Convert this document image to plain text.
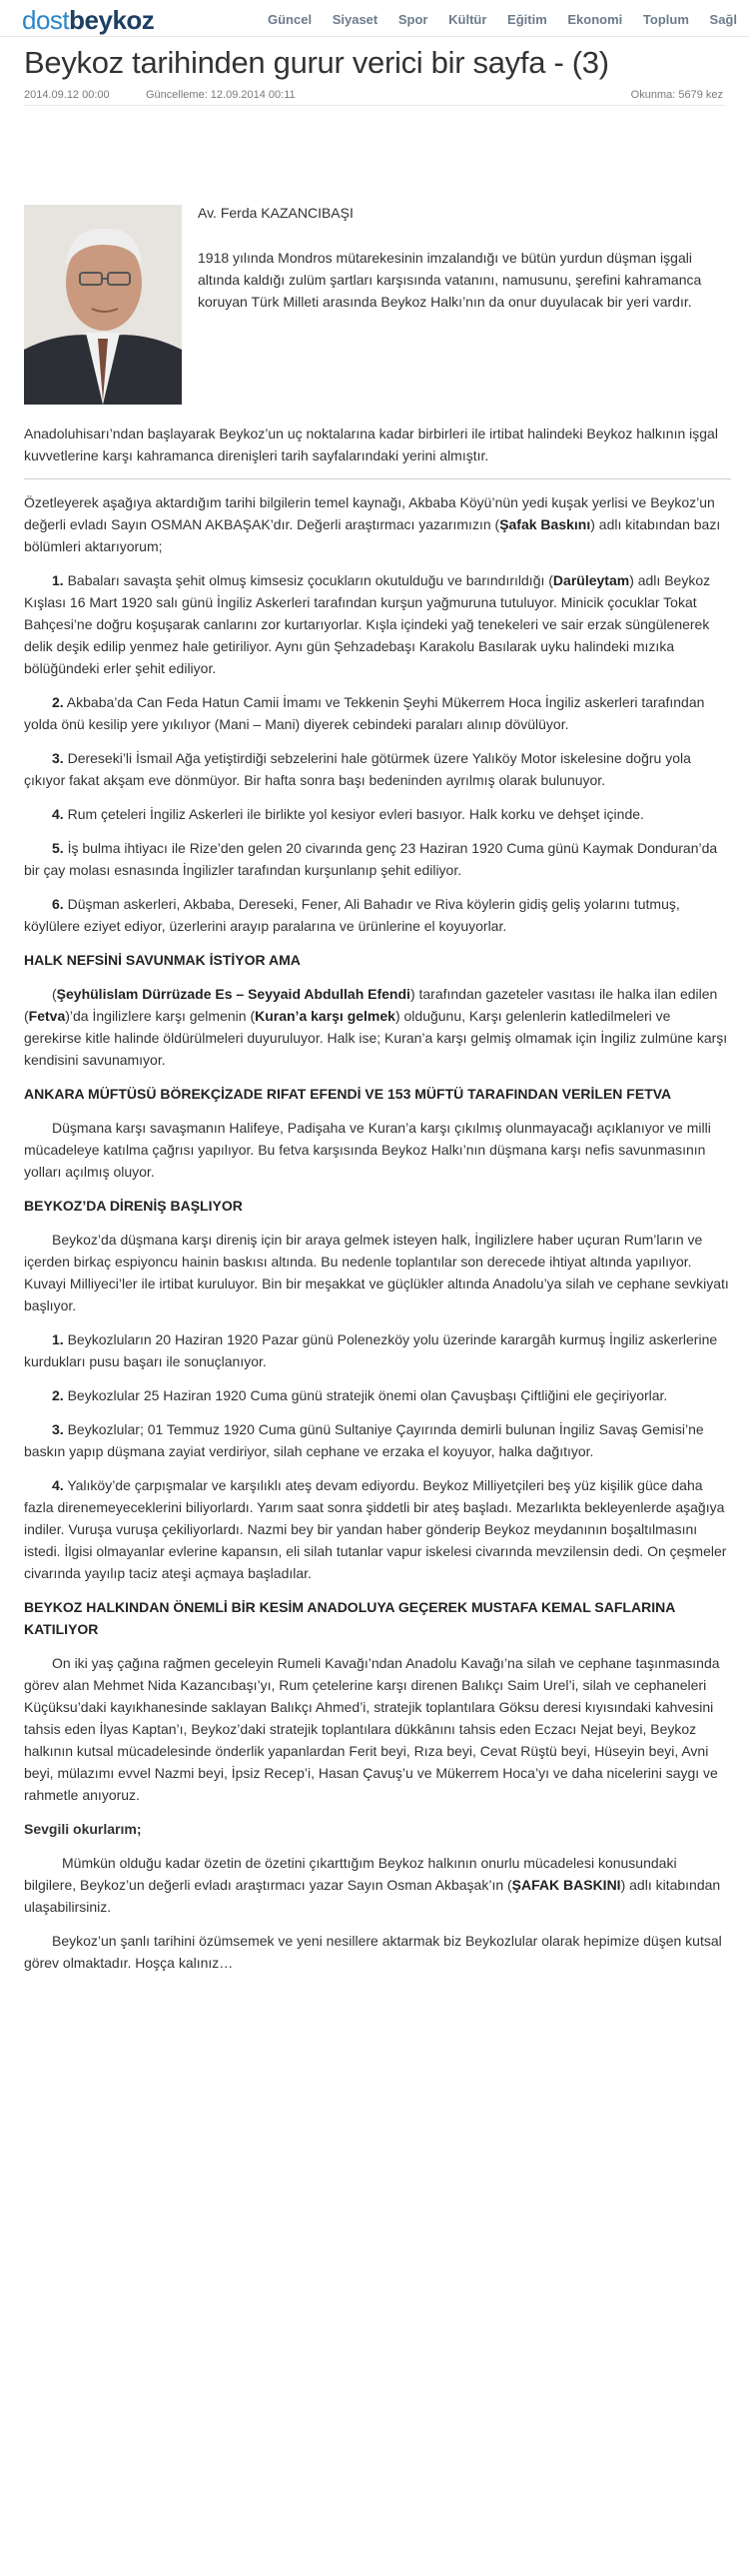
dostbeykoz	Güncel Siyaset Spor Kültür Eğitim Ekonomi Toplum Sağl
Beykoz tarihinden gurur verici bir sayfa - (3)
2014.09.12 00:00	Güncelleme: 12.09.2014 00:11	Okunma: 5679 kez
Av. Ferda KAZANCIBAŞI
1918 yılında Mondros mütarekesinin imzalandığı ve bütün yurdun düşman işgali altında kaldığı zulüm şartları karşısında vatanını, namusunu, şerefini kahramanca koruyan Türk Milleti arasında Beykoz Halkı’nın da onur duyulacak bir yeri vardır.

Anadoluhisarı’ndan başlayarak Beykoz’un uç noktalarına kadar birbirleri ile irtibat halindeki Beykoz halkının işgal kuvvetlerine karşı kahramanca direnişleri tarih sayfalarındaki yerini almıştır.

Özetleyerek aşağıya aktardığım tarihi bilgilerin temel kaynağı, Akbaba Köyü’nün yedi kuşak yerlisi ve Beykoz’un değerli evladı Sayın OSMAN AKBAŞAK’dır. Değerli araştırmacı yazarımızın (Şafak Baskını) adlı kitabından bazı bölümleri aktarıyorum;

1. Babaları savaşta şehit olmuş kimsesiz çocukların okutulduğu ve barındırıldığı (Darüleytam) adlı Beykoz Kışlası 16 Mart 1920 salı günü İngiliz Askerleri tarafından kurşun yağmuruna tutuluyor. Minicik çocuklar Tokat Bahçesi’ne doğru koşuşarak canlarını zor kurtarıyorlar. Kışla içindeki yağ tenekeleri ve sair erzak süngülenerek delik deşik edilip yenmez hale getiriliyor. Aynı gün Şehzadebaşı Karakolu Basılarak uyku halindeki mızıka bölüğündeki erler şehit ediliyor.

2. Akbaba’da Can Feda Hatun Camii İmamı ve Tekkenin Şeyhi Mükerrem Hoca İngiliz askerleri tarafından yolda önü kesilip yere yıkılıyor (Mani – Mani) diyerek cebindeki paraları alınıp dövülüyor.

3. Dereseki’li İsmail Ağa yetiştirdiği sebzelerini hale götürmek üzere Yalıköy Motor iskelesine doğru yola çıkıyor fakat akşam eve dönmüyor. Bir hafta sonra başı bedeninden ayrılmış olarak bulunuyor.

4. Rum çeteleri İngiliz Askerleri ile birlikte yol kesiyor evleri basıyor. Halk korku ve dehşet içinde.

5. İş bulma ihtiyacı ile Rize’den gelen 20 civarında genç 23 Haziran 1920 Cuma günü Kaymak Donduran’da bir çay molası esnasında İngilizler tarafından kurşunlanıp şehit ediliyor.

6. Düşman askerleri, Akbaba, Dereseki, Fener, Ali Bahadır ve Riva köylerin gidiş geliş yolarını tutmuş, köylülere eziyet ediyor, üzerlerini arayıp paralarına ve ürünlerine el koyuyorlar.

HALK NEFSİNİ SAVUNMAK İSTİYOR AMA

(Şeyhülislam Dürrüzade Es – Seyyaid Abdullah Efendi) tarafından gazeteler vasıtası ile halka ilan edilen (Fetva)’da İngilizlere karşı gelmenin (Kuran’a karşı gelmek) olduğunu, Karşı gelenlerin katledilmeleri ve gerekirse kitle halinde öldürülmeleri duyuruluyor. Halk ise; Kuran’a karşı gelmiş olmamak için İngiliz zulmüne karşı kendisini savunamıyor.

ANKARA MÜFTÜSÜ BÖREKÇİZADE RIFAT EFENDİ VE 153 MÜFTÜ TARAFINDAN VERİLEN FETVA

Düşmana karşı savaşmanın Halifeye, Padişaha ve Kuran’a karşı çıkılmış olunmayacağı açıklanıyor ve milli mücadeleye katılma çağrısı yapılıyor. Bu fetva karşısında Beykoz Halkı’nın düşmana karşı nefis savunmasının yolları açılmış oluyor.

BEYKOZ’DA DİRENİŞ BAŞLIYOR

Beykoz’da düşmana karşı direniş için bir araya gelmek isteyen halk, İngilizlere haber uçuran Rum’ların ve içerden birkaç espiyoncu hainin baskısı altında. Bu nedenle toplantılar son derecede ihtiyat altında yapılıyor. Kuvayi Milliyeci’ler ile irtibat kuruluyor. Bin bir meşakkat ve güçlükler altında Anadolu’ya silah ve cephane sevkiyatı başlıyor.

1. Beykozluların 20 Haziran 1920 Pazar günü Polenezköy yolu üzerinde karargâh kurmuş İngiliz askerlerine kurdukları pusu başarı ile sonuçlanıyor.

2. Beykozlular 25 Haziran 1920 Cuma günü stratejik önemi olan Çavuşbaşı Çiftliğini ele geçiriyorlar.

3. Beykozlular; 01 Temmuz 1920 Cuma günü Sultaniye Çayırında demirli bulunan İngiliz Savaş Gemisi’ne baskın yapıp düşmana zayiat verdiriyor, silah cephane ve erzaka el koyuyor, halka dağıtıyor.

4. Yalıköy’de çarpışmalar ve karşılıklı ateş devam ediyordu. Beykoz Milliyetçileri beş yüz kişilik güce daha fazla direnemeyeceklerini biliyorlardı. Yarım saat sonra şiddetli bir ateş başladı. Mezarlıkta bekleyenlerde aşağıya indiler. Vuruşa vuruşa çekiliyorlardı. Nazmi bey bir yandan haber gönderip Beykoz meydanının boşaltılmasını istedi. İlgisi olmayanlar evlerine kapansın, eli silah tutanlar vapur iskelesi civarında mevzilensin dedi. On çeşmeler civarında yayılıp taciz ateşi açmaya başladılar.

BEYKOZ HALKINDAN ÖNEMLİ BİR KESİM ANADOLUYA GEÇEREK MUSTAFA KEMAL SAFLARINA KATILIYOR

On iki yaş çağına rağmen geceleyin Rumeli Kavağı’ndan Anadolu Kavağı’na silah ve cephane taşınmasında görev alan Mehmet Nida Kazancıbaşı’yı, Rum çetelerine karşı direnen Balıkçı Saim Urel’i, silah ve cephaneleri Küçüksu’daki kayıkhanesinde saklayan Balıkçı Ahmed’i, stratejik toplantılara Göksu deresi kıyısındaki kahvesini tahsis eden İlyas Kaptan’ı, Beykoz’daki stratejik toplantılara dükkânını tahsis eden Eczacı Nejat beyi, Beykoz halkının kutsal mücadelesinde önderlik yapanlardan Ferit beyi, Rıza beyi, Cevat Rüştü beyi, Hüseyin beyi, Avni beyi, mülazımı evvel Nazmi beyi, İpsiz Recep’i, Hasan Çavuş’u ve Mükerrem Hoca’yı ve daha nicelerini saygı ve rahmetle anıyoruz.

Sevgili okurlarım;

Mümkün olduğu kadar özetin de özetini çıkarttığım Beykoz halkının onurlu mücadelesi konusundaki bilgilere, Beykoz’un değerli evladı araştırmacı yazar Sayın Osman Akbaşak’ın (ŞAFAK BASKINI) adlı kitabından ulaşabilirsiniz.

Beykoz’un şanlı tarihini özümsemek ve yeni nesillere aktarmak biz Beykozlular olarak hepimize düşen kutsal görev olmaktadır. Hoşça kalınız…
